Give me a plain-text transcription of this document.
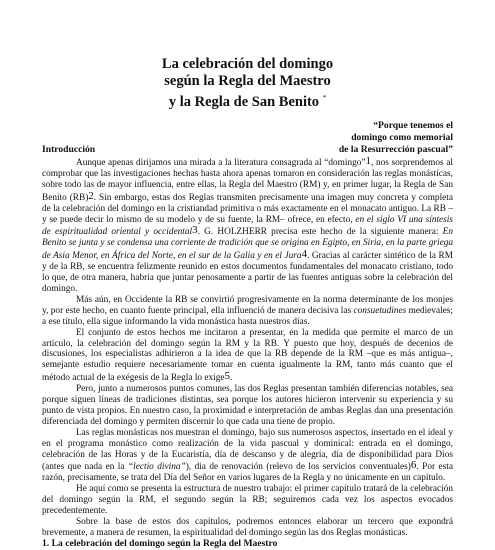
La celebración del domingo
según la Regla del Maestro
y la Regla de San Benito *
“Porque tenemos el
domingo como memorial
de la Resurrección pascual”
Introducción

Aunque apenas dirijamos una mirada a la literatura consagrada al “domingo”1, nos sorprendemos al comprobar que las investigaciones hechas hasta ahora apenas tomaron en consideración las reglas monásticas, sobre todo las de mayor influencia, entre ellas, la Regla del Maestro (RM) y, en primer lugar, la Regla de San Benito (RB)2. Sin embargo, estas dos Reglas transmiten precisamente una imagen muy concreta y completa de la celebración del domingo en la cristiandad primitiva o más exactamente en el monacato antiguo. La RB –y se puede decir lo mismo de su modelo y de su fuente, la RM– ofrece, en efecto, en el siglo VI una síntesis de espiritualidad oriental y occidental3. G. HOLZHERR precisa este hecho de la siguiente manera: En Benito se junta y se condensa una corriente de tradición que se origina en Egipto, en Siria, en la parte griega de Asia Menor, en África del Norte, en el sur de la Galia y en el Jura4. Gracias al carácter sintético de la RM y de la RB, se encuentra felizmente reunido en estos documentos fundamentales del monacato cristiano, todo lo que, de otra manera, habría que juntar penosamente a partir de las fuentes antiguas sobre la celebración del domingo.

Más aún, en Occidente la RB se convirtió progresivamente en la norma determinante de los monjes y, por este hecho, en cuanto fuente principal, ella influenció de manera decisiva las consuetudines medievales; a ese título, ella sigue informando la vida monástica hasta nuestros días.

El conjunto de estos hechos me incitaron a presentar, en la medida que permite el marco de un artículo, la celebración del domingo según la RM y la RB. Y puesto que hoy, después de decenios de discusiones, los especialistas adhirieron a la idea de que la RB depende de la RM –que es más antigua–, semejante estudio requiere necesariamente tomar en cuenta igualmente la RM, tanto más cuanto que el método actual de la exégesis de la Regla lo exige5.

Pero, junto a numerosos puntos comunes, las dos Reglas presentan también diferencias notables, sea porque siguen líneas de tradiciones distintas, sea porque los autores hicieron intervenir su experiencia y su punto de vista propios. En nuestro caso, la proximidad e interpretación de ambas Reglas dan una presentación diferenciada del domingo y permiten discernir lo que cada una tiene de propio.

Las reglas monásticas nos muestran el domingo, bajo sus numerosos aspectos, insertado en el ideal y en el programa monástico como realización de la vida pascual y dominical: entrada en el domingo, celebración de las Horas y de la Eucaristía, día de descanso y de alegría, día de disponibilidad para Dios (antes que nada en la “lectio divina”), día de renovación (relevo de los servicios conventuales)6. Por esta razón, precisamente, se trata del Día del Señor en varios lugares de la Regla y no únicamente en un capítulo.

He aquí como se presenta la estructura de nuestro trabajo: el primer capítulo tratará de la celebración del domingo según la RM, el segundo según la RB; seguiremos cada vez los aspectos evocados precedentemente.

Sobre la base de estos dos capítulos, podremos entonces elaborar un tercero que expondrá brevemente, a manera de resumen, la espiritualidad del domingo según las dos Reglas monásticas.

1. La celebración del domingo según la Regla del Maestro
